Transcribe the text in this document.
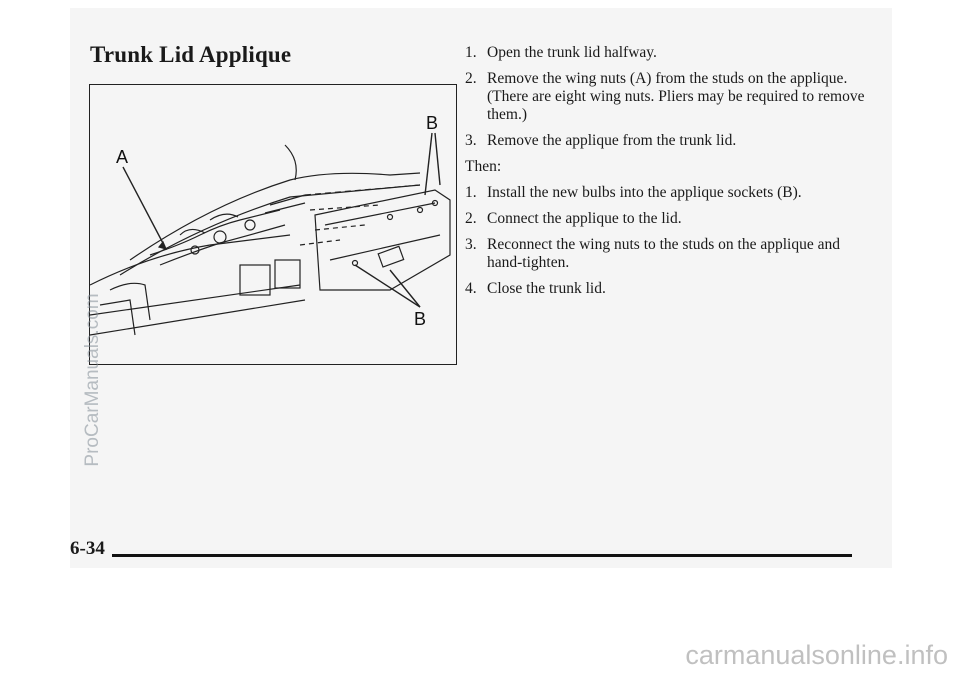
Trunk Lid Applique
A
B
B
1. Open the trunk lid halfway.
2. Remove the wing nuts (A) from the studs on the applique. (There are eight wing nuts. Pliers may be required to remove them.)
3. Remove the applique from the trunk lid.
Then:
1. Install the new bulbs into the applique sockets (B).
2. Connect the applique to the lid.
3. Reconnect the wing nuts to the studs on the applique and hand-tighten.
4. Close the trunk lid.
6-34
ProCarManuals.com
carmanualsonline.info
